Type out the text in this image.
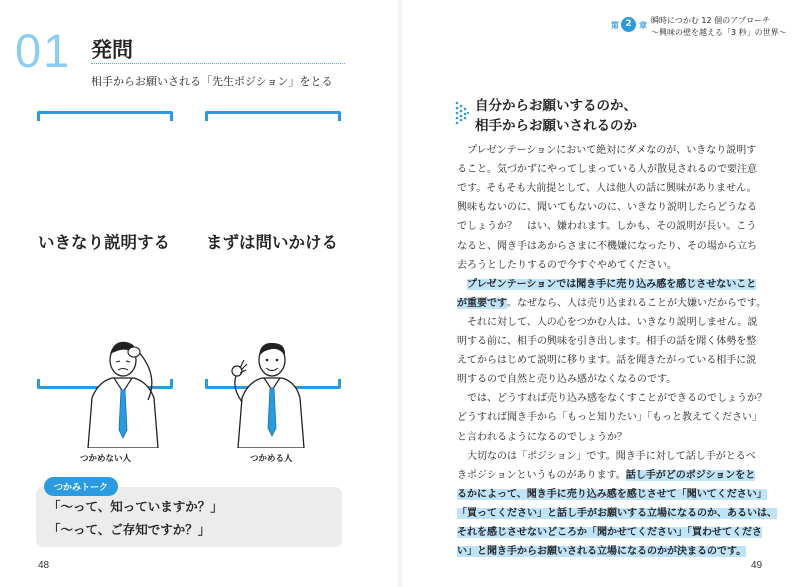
01 発問
相手からお願いされる「先生ポジション」をとる
いきなり説明する まずは問いかける
つかめない人	つかめる人
つかみトーク
「〜って、知っていますか？」
「〜って、ご存知ですか？」
48
第 2 章
瞬時につかむ 12 個のアプローチ
〜興味の壁を越える「3 秒」の世界〜
自分からお願いするのか、
相手からお願いされるのか
　プレゼンテーションにおいて絶対にダメなのが、いきなり説明す
ること。気づかずにやってしまっている人が散見されるので要注意
です。そもそも大前提として、人は他人の話に興味がありません。
興味もないのに、聞いてもないのに、いきなり説明したらどうなる
でしょうか？　はい、嫌われます。しかも、その説明が長い。こう
なると、聞き手はあからさまに不機嫌になったり、その場から立ち
去ろうとしたりするので今すぐやめてください。
　プレゼンテーションでは聞き手に売り込み感を感じさせないこと
が重要です。なぜなら、人は売り込まれることが大嫌いだからです。
　それに対して、人の心をつかむ人は、いきなり説明しません。説
明する前に、相手の興味を引き出します。相手の話を聞く体勢を整
えてからはじめて説明に移ります。話を聞きたがっている相手に説
明するので自然と売り込み感がなくなるのです。
　では、どうすれば売り込み感をなくすことができるのでしょうか？
どうすれば聞き手から「もっと知りたい」「もっと教えてください」
と言われるようになるのでしょうか？
　大切なのは「ポジション」です。聞き手に対して話し手がとるべ
きポジションというものがあります。話し手がどのポジションをと
るかによって、聞き手に売り込み感を感じさせて「聞いてください」
「買ってください」と話し手がお願いする立場になるのか、あるいは、
それを感じさせないどころか「聞かせてください」「買わせてくださ
い」と聞き手からお願いされる立場になるのかが決まるのです。
49
